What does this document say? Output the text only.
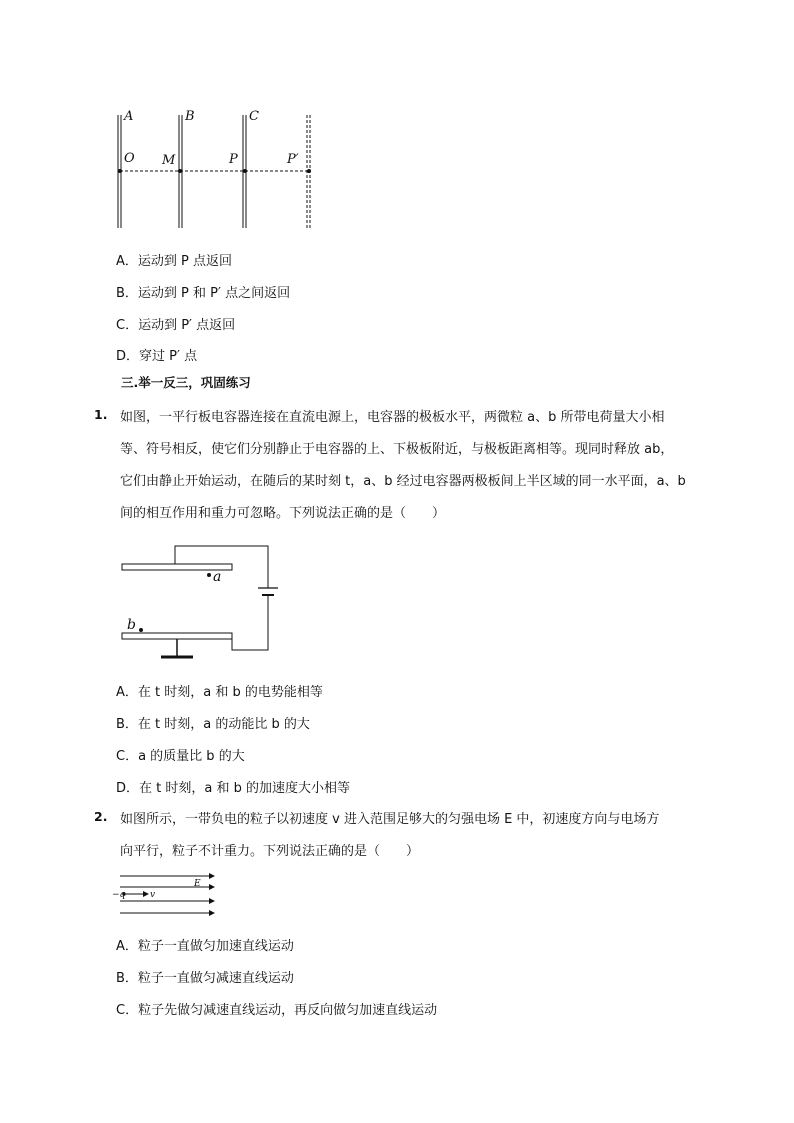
A	B	C
O M	P	P′
A．运动到 P 点返回
B．运动到 P 和 P′ 点之间返回
C．运动到 P′ 点返回
D．穿过 P′ 点
三.举一反三，巩固练习
1. 如图，一平行板电容器连接在直流电源上，电容器的极板水平，两微粒 a、b 所带电荷量大小相
等、符号相反，使它们分别静止于电容器的上、下极板附近，与极板距离相等。现同时释放 ab，
它们由静止开始运动，在随后的某时刻 t，a、b 经过电容器两极板间上半区域的同一水平面，a、b
间的相互作用和重力可忽略。下列说法正确的是（　　）
a
b
A．在 t 时刻，a 和 b 的电势能相等
B．在 t 时刻，a 的动能比 b 的大
C．a 的质量比 b 的大
D．在 t 时刻，a 和 b 的加速度大小相等
2. 如图所示，一带负电的粒子以初速度 v 进入范围足够大的匀强电场 E 中，初速度方向与电场方
向平行，粒子不计重力。下列说法正确的是（　　）
E
−q	v
A．粒子一直做匀加速直线运动
B．粒子一直做匀减速直线运动
C．粒子先做匀减速直线运动，再反向做匀加速直线运动
